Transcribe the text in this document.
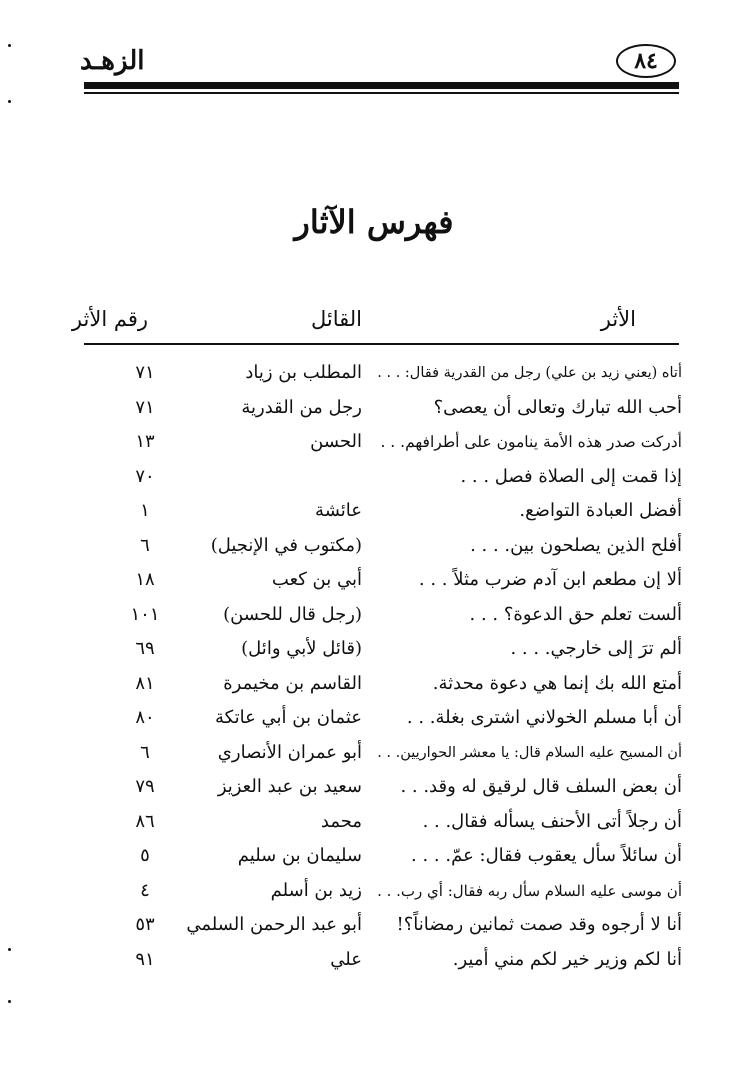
الزهـد	٨٤
فهرس الآثار
الأثر
القائل
رقم الأثر
أتاه (يعني زيد بن علي) رجل من القدرية فقال: . . .
المطلب بن زياد
٧١
أحب الله تبارك وتعالى أن يعصى؟
رجل من القدرية
٧١
أدركت صدر هذه الأمة ينامون على أطرافهم. . .
الحسن
١٣
إذا قمت إلى الصلاة فصل . . .
٧٠
أفضل العبادة التواضع.
عائشة
١
أفلح الذين يصلحون بين. . . .
(مكتوب في الإنجيل)
٦
ألا إن مطعم ابن آدم ضرب مثلاً . . .
أبي بن كعب
١٨
ألست تعلم حق الدعوة؟ . . .
(رجل قال للحسن)
١٠١
ألم ترَ إلى خارجي. . . .
(قائل لأبي وائل)
٦٩
أمتع الله بك إنما هي دعوة محدثة.
القاسم بن مخيمرة
٨١
أن أبا مسلم الخولاني اشترى بغلة. . .
عثمان بن أبي عاتكة
٨٠
أن المسيح عليه السلام قال: يا معشر الحواريين. . .
أبو عمران الأنصاري
٦
أن بعض السلف قال لرقيق له وقد. . .
سعيد بن عبد العزيز
٧٩
أن رجلاً أتى الأحنف يسأله فقال. . .
محمد
٨٦
أن سائلاً سأل يعقوب فقال: عمّ. . . .
سليمان بن سليم
٥
أن موسى عليه السلام سأل ربه فقال: أي رب. . .
زيد بن أسلم
٤
أنا لا أرجوه وقد صمت ثمانين رمضاناً؟!
أبو عبد الرحمن السلمي
٥٣
أنا لكم وزير خير لكم مني أمير.
علي
٩١
